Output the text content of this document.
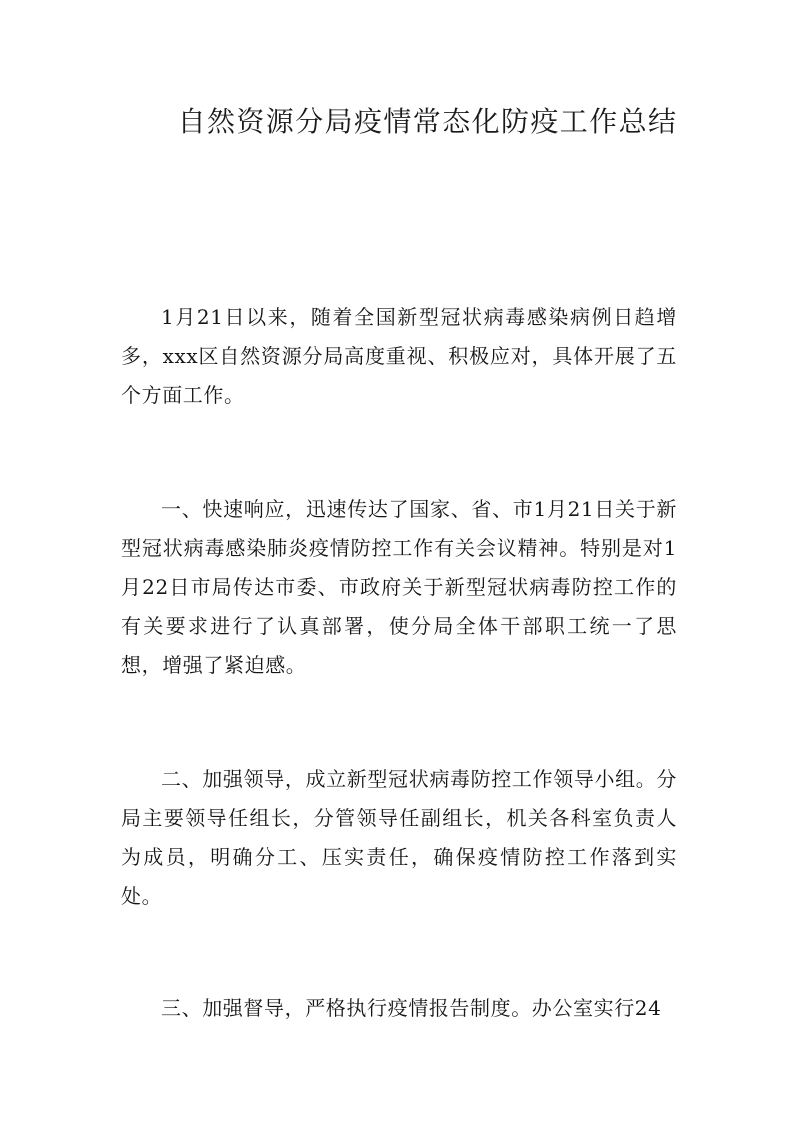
自然资源分局疫情常态化防疫工作总结

1月21日以来，随着全国新型冠状病毒感染病例日趋增多，xxx区自然资源分局高度重视、积极应对，具体开展了五个方面工作。

一、快速响应，迅速传达了国家、省、市1月21日关于新型冠状病毒感染肺炎疫情防控工作有关会议精神。特别是对1月22日市局传达市委、市政府关于新型冠状病毒防控工作的有关要求进行了认真部署，使分局全体干部职工统一了思想，增强了紧迫感。

二、加强领导，成立新型冠状病毒防控工作领导小组。分局主要领导任组长，分管领导任副组长，机关各科室负责人为成员，明确分工、压实责任，确保疫情防控工作落到实处。

三、加强督导，严格执行疫情报告制度。办公室实行24
